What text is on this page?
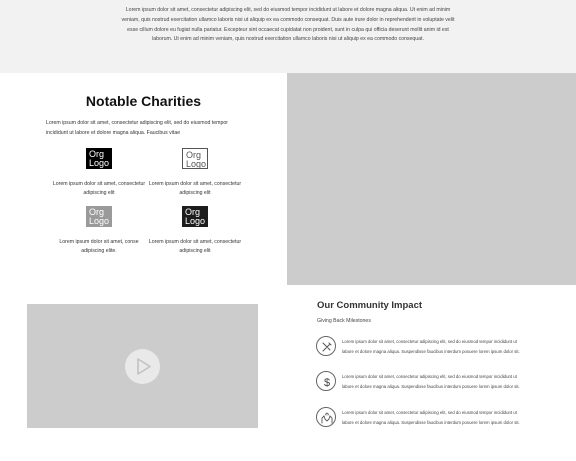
Lorem ipsum dolor sit amet, consectetur adipiscing elit, sed do eiusmod tempor incididunt ut labore et dolore magna aliqua. Ut enim ad minim veniam, quis nostrud exercitation ullamco laboris nisi ut aliquip ex ea commodo consequat. Duis aute irure dolor in reprehenderit in voluptate velit esse cillum dolore eu fugiat nulla pariatur. Excepteur sint occaecat cupidatat non proident, sunt in culpa qui officia deserunt mollit anim id est laborum. Ut enim ad minim veniam, quis nostrud exercitation ullamco laboris nisi ut aliquip ex ea commodo consequat.

Notable Charities

Lorem ipsum dolor sit amet, consectetur adipiscing elit, sed do eiusmod tempor incididunt ut labore et dolore magna aliqua. Faucibus vitae

Org
Logo
Lorem ipsum dolor sit amet, consectetur adipiscing elit
Org
Logo
Lorem ipsum dolor sit amet, consectetur adipiscing elit
Org
Logo
Lorem ipsum dolor sit amet, conse adipiscing elite.
Org
Logo
Lorem ipsum dolor sit amet, consectetur adipiscing elit
Our Community Impact

Giving Back Milestones

Lorem ipsum dolor sit amet, consectetur adipiscing elit, sed do eiusmod tempor incididunt ut
labore et dolore magna aliqua. Suspendisse faucibus interdum posuere lorem ipsum dolor sit.
$
Lorem ipsum dolor sit amet, consectetur adipiscing elit, sed do eiusmod tempor incididunt ut
labore et dolore magna aliqua. Suspendisse faucibus interdum posuere lorem ipsum dolor sit.
Lorem ipsum dolor sit amet, consectetur adipiscing elit, sed do eiusmod tempor incididunt ut
labore et dolore magna aliqua. Suspendisse faucibus interdum posuere lorem ipsum dolor sit.
